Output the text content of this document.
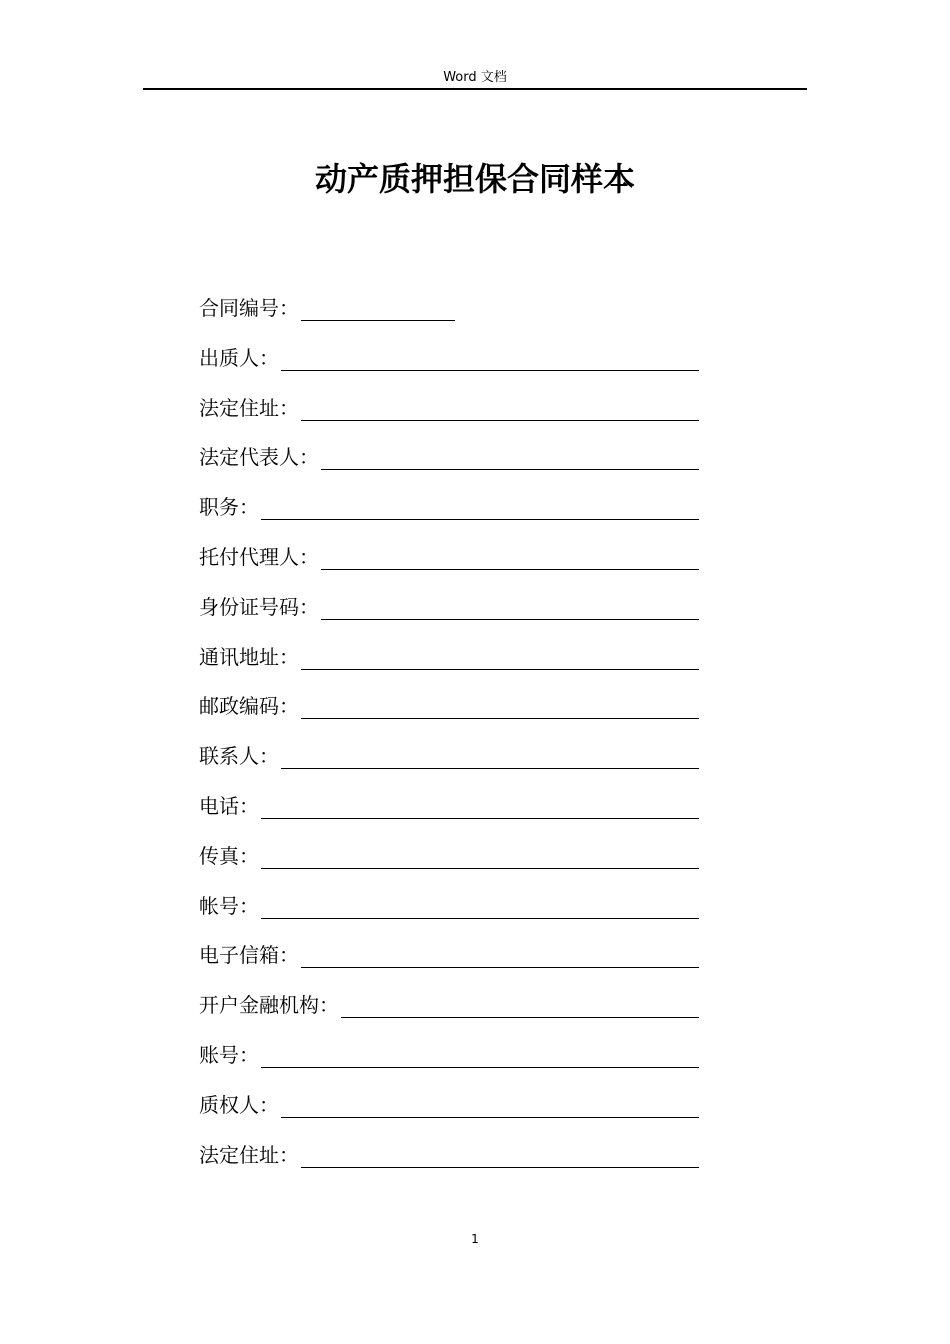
Word 文档
动产质押担保合同样本
合同编号：
出质人：
法定住址：
法定代表人：
职务：
托付代理人：
身份证号码：
通讯地址：
邮政编码：
联系人：
电话：
传真：
帐号：
电子信箱：
开户金融机构：
账号：
质权人：
法定住址：
1
